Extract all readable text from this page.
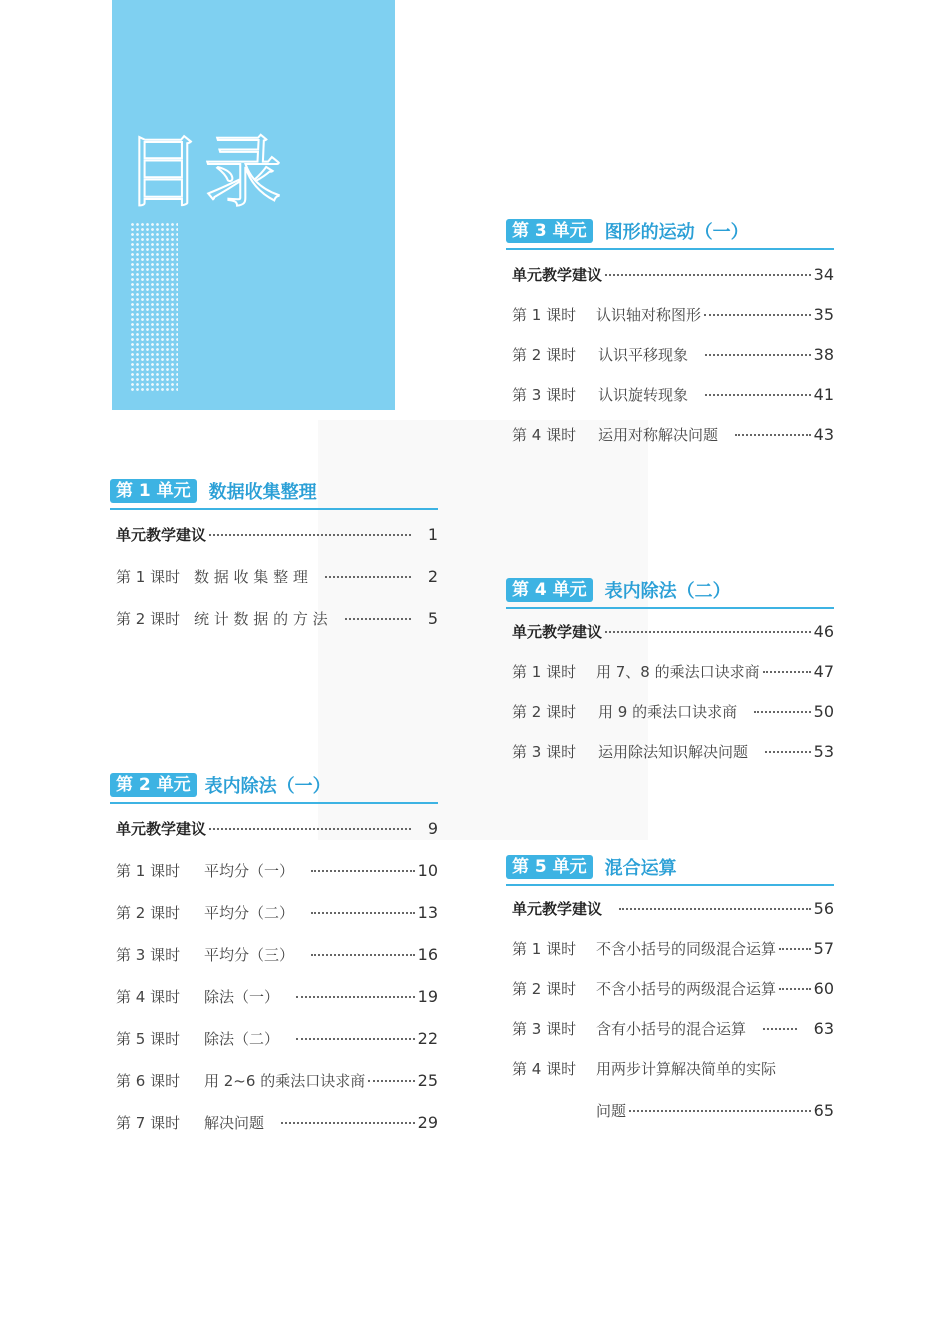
目录
第 1 单元	数据收集整理
单元教学建议	1
第 1 课时 数 据 收 集 整 理	2
第 2 课时 统 计 数 据 的 方 法	5
第 2 单元 表内除法（一）
单元教学建议	9
第 1 课时	平均分（一）	10
第 2 课时	平均分（二）	13
第 3 课时	平均分（三）	16
第 4 课时	除法（一）	19
第 5 课时	除法（二）	22
第 6 课时	用 2~6 的乘法口诀求商	25
第 7 课时	解决问题	29
第 3 单元	图形的运动（一）
单元教学建议	34
第 1 课时	认识轴对称图形	35
第 2 课时	认识平移现象	38
第 3 课时	认识旋转现象	41
第 4 课时	运用对称解决问题	43
第 4 单元	表内除法（二）
单元教学建议	46
第 1 课时	用 7、8 的乘法口诀求商	47
第 2 课时	用 9 的乘法口诀求商	50
第 3 课时	运用除法知识解决问题	53
第 5 单元	混合运算
单元教学建议	56
第 1 课时	不含小括号的同级混合运算 57
第 2 课时	不含小括号的两级混合运算 60
第 3 课时	含有小括号的混合运算	63
第 4 课时	用两步计算解决简单的实际
问题	65
